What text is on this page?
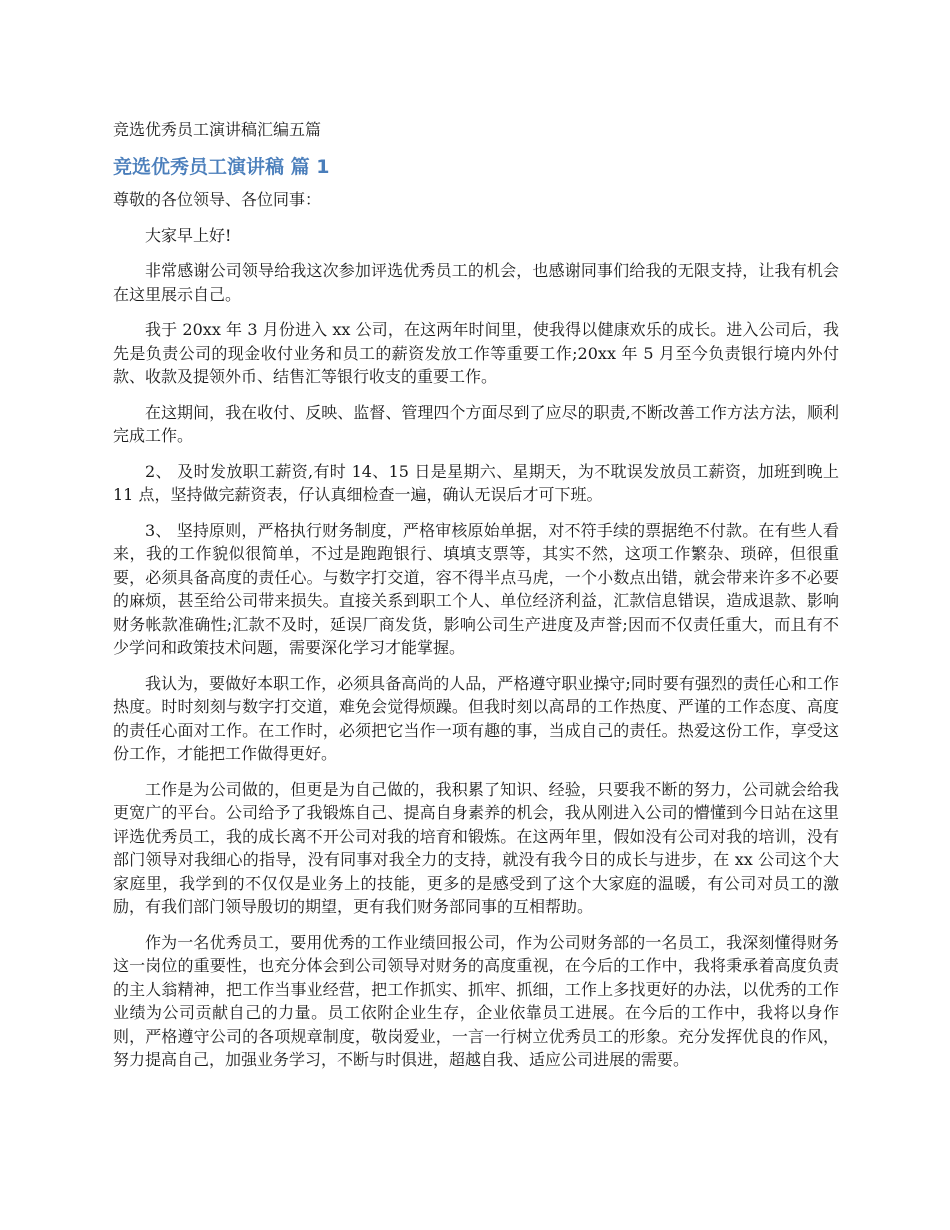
竞选优秀员工演讲稿汇编五篇
竞选优秀员工演讲稿 篇 1

尊敬的各位领导、各位同事：

大家早上好!

非常感谢公司领导给我这次参加评选优秀员工的机会，也感谢同事们给我的无限支持，让我有机会在这里展示自己。

我于 20xx 年 3 月份进入 xx 公司，在这两年时间里，使我得以健康欢乐的成长。进入公司后，我先是负责公司的现金收付业务和员工的薪资发放工作等重要工作;20xx 年 5 月至今负责银行境内外付款、收款及提领外币、结售汇等银行收支的重要工作。

在这期间，我在收付、反映、监督、管理四个方面尽到了应尽的职责,不断改善工作方法方法，顺利完成工作。

2、 及时发放职工薪资,有时 14、15 日是星期六、星期天，为不耽误发放员工薪资，加班到晚上 11 点，坚持做完薪资表，仔认真细检查一遍，确认无误后才可下班。

3、 坚持原则，严格执行财务制度，严格审核原始单据，对不符手续的票据绝不付款。在有些人看来，我的工作貌似很简单，不过是跑跑银行、填填支票等，其实不然，这项工作繁杂、琐碎，但很重要，必须具备高度的责任心。与数字打交道，容不得半点马虎，一个小数点出错，就会带来许多不必要的麻烦，甚至给公司带来损失。直接关系到职工个人、单位经济利益，汇款信息错误，造成退款、影响财务帐款准确性;汇款不及时，延误厂商发货，影响公司生产进度及声誉;因而不仅责任重大，而且有不少学问和政策技术问题，需要深化学习才能掌握。

我认为，要做好本职工作，必须具备高尚的人品，严格遵守职业操守;同时要有强烈的责任心和工作热度。时时刻刻与数字打交道，难免会觉得烦躁。但我时刻以高昂的工作热度、严谨的工作态度、高度的责任心面对工作。在工作时，必须把它当作一项有趣的事，当成自己的责任。热爱这份工作，享受这份工作，才能把工作做得更好。

工作是为公司做的，但更是为自己做的，我积累了知识、经验，只要我不断的努力，公司就会给我更宽广的平台。公司给予了我锻炼自己、提高自身素养的机会，我从刚进入公司的懵懂到今日站在这里评选优秀员工，我的成长离不开公司对我的培育和锻炼。在这两年里，假如没有公司对我的培训，没有部门领导对我细心的指导，没有同事对我全力的支持，就没有我今日的成长与进步，在 xx 公司这个大家庭里，我学到的不仅仅是业务上的技能，更多的是感受到了这个大家庭的温暖，有公司对员工的激励，有我们部门领导殷切的期望，更有我们财务部同事的互相帮助。

作为一名优秀员工，要用优秀的工作业绩回报公司，作为公司财务部的一名员工，我深刻懂得财务这一岗位的重要性，也充分体会到公司领导对财务的高度重视，在今后的工作中，我将秉承着高度负责的主人翁精神，把工作当事业经营，把工作抓实、抓牢、抓细，工作上多找更好的办法，以优秀的工作业绩为公司贡献自己的力量。员工依附企业生存，企业依靠员工进展。在今后的工作中，我将以身作则，严格遵守公司的各项规章制度，敬岗爱业，一言一行树立优秀员工的形象。充分发挥优良的作风，努力提高自己，加强业务学习，不断与时俱进，超越自我、适应公司进展的需要。
